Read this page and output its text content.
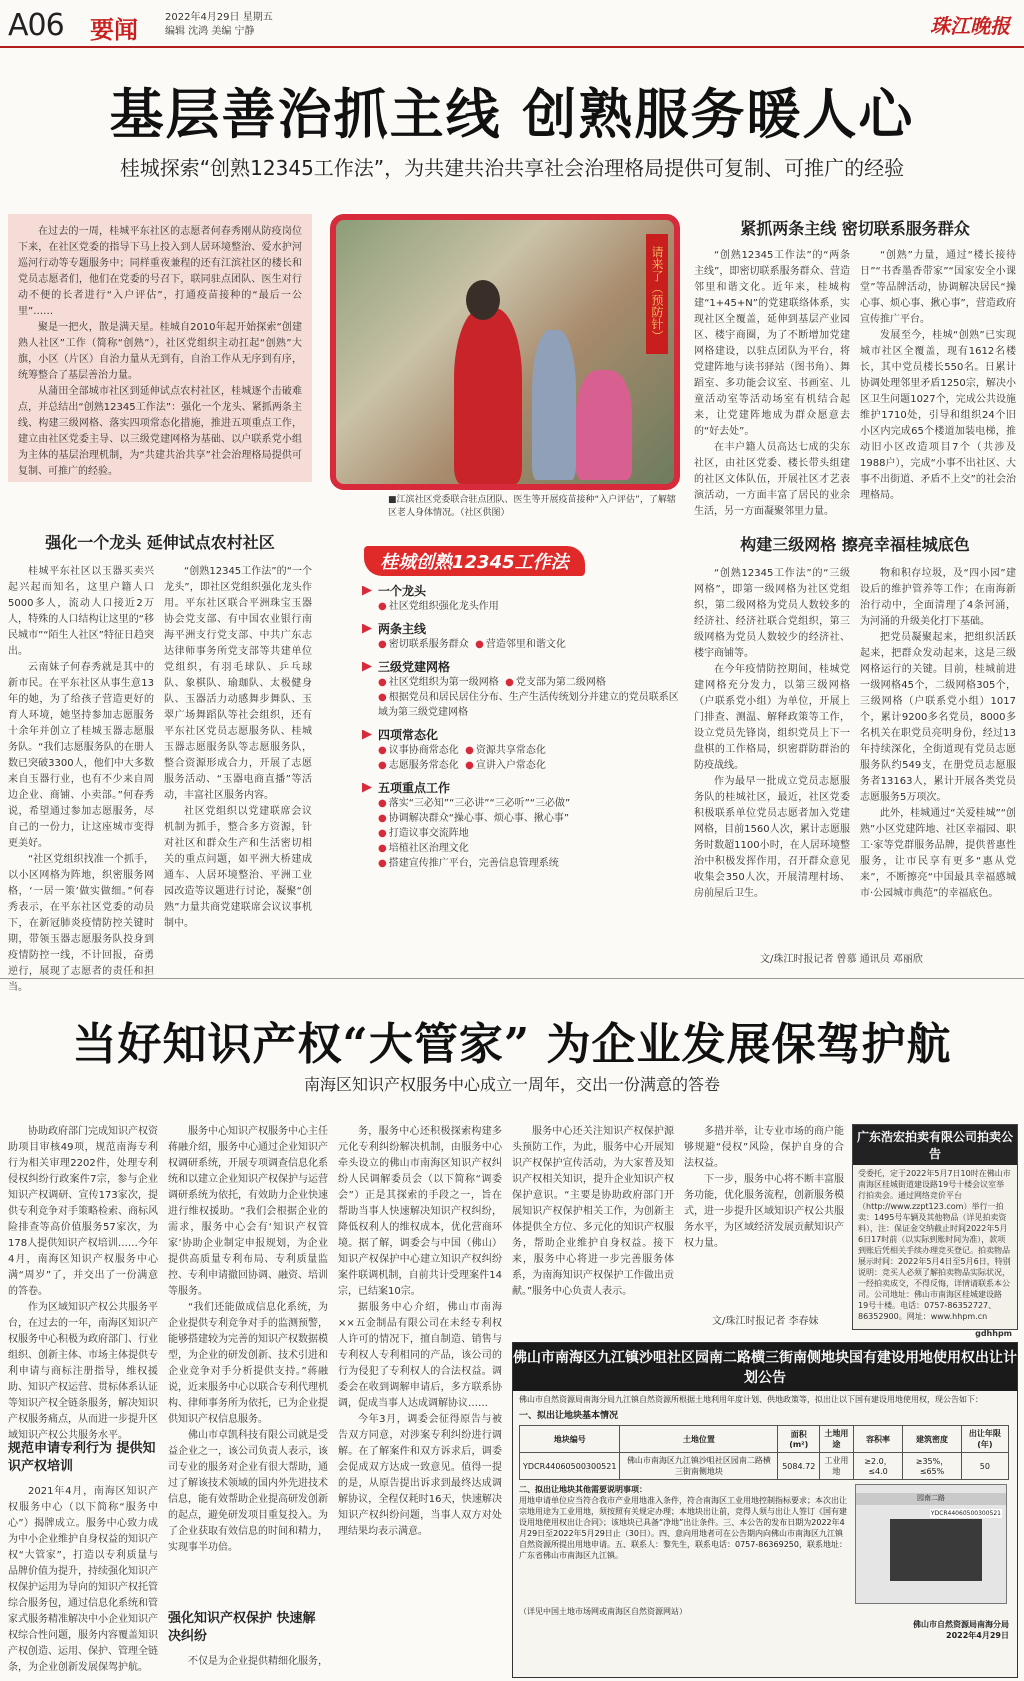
A06 要闻	2022年4月29日 星期五
编辑 沈鸿 美编 宁静	珠江晚报
基层善治抓主线 创熟服务暖人心
桂城探索“创熟12345工作法”，为共建共治共享社会治理格局提供可复制、可推广的经验

在过去的一周，桂城平东社区的志愿者何春秀刚从防疫岗位下来，在社区党委的指导下马上投入到人居环境整治、爱水护河巡河行动等专题服务中；同样重夜兼程的还有江滨社区的楼长和党员志愿者们，他们在党委的号召下，联同驻点团队、医生对行动不便的长者进行“入户评估”，打通疫苗接种的“最后一公里”……

聚是一把火，散是满天星。桂城自2010年起开始探索“创建熟人社区”工作（简称“创熟”），社区党组织主动扛起“创熟”大旗，小区（片区）自治力量从无到有，自治工作从无序到有序，统筹整合了基层善治力量。

从蒲田全部城市社区到延伸试点农村社区，桂城逐个击破难点，并总结出“创熟12345工作法”：强化一个龙头、紧抓两条主线、构建三级网格、落实四项常态化措施，推进五项重点工作，建立由社区党委主导、以三级党建网格为基础、以户联系党小组为主体的基层治理机制，为“共建共治共享”社会治理格局提供可复制、可推广的经验。

请来了（预防针）
■江滨社区党委联合驻点团队、医生等开展疫苗接种“入户评估”，了解辖区老人身体情况。（社区供图）
强化一个龙头 延伸试点农村社区

桂城平东社区以玉器买卖兴起兴起而知名，这里户籍人口5000多人，流动人口接近2万人，特殊的人口结构让这里的“移民城市”“陌生人社区”特征日趋突出。

云南妹子何春秀就是其中的新市民。在平东社区从事生意13年的她，为了给孩子营造更好的育人环境，她坚持参加志愿服务十余年并创立了桂城玉器志愿服务队。“我们志愿服务队的在册人数已突破3300人，他们中大多数来自玉器行业，也有不少来自周边企业、商铺、小卖部。”何春秀说，希望通过参加志愿服务，尽自己的一份力，让这座城市变得更美好。

“社区党组织找准一个抓手，以小区网格为阵地，织密服务网格，‘一居一策’做实做细。”何春秀表示，在平东社区党委的动员下，在新冠肺炎疫情防控关键时期，带领玉器志愿服务队投身到疫情防控一线，不计回报，奋勇逆行，展现了志愿者的责任和担当。

“创熟12345工作法”的“一个龙头”，即社区党组织强化龙头作用。平东社区联合平洲珠宝玉器协会党支部、有中国农业银行南海平洲支行党支部、中共广东志达律师事务所党支部等共建单位党组织，有羽毛球队、乒乓球队、象棋队、瑜珈队、太极健身队、玉器活力动感舞步舞队、玉翠广场舞蹈队等社会组织，还有平东社区党员志愿服务队、桂城玉器志愿服务队等志愿服务队，整合资源形成合力，开展了志愿服务活动、“玉器电商直播”等活动，丰富社区服务内容。

社区党组织以党建联席会议机制为抓手，整合多方资源，针对社区和群众生产和生活密切相关的重点问题，如平洲大桥建成通车、人居环境整治、平洲工业园改造等议题进行讨论，凝聚“创熟”力量共商党建联席会议议事机制中。

桂城创熟12345工作法
一个龙头
● 社区党组织强化龙头作用
两条主线
● 密切联系服务群众 ● 营造邻里和谐文化
三级党建网格
● 社区党组织为第一级网格 ● 党支部为第二级网格
● 根据党员和居民居住分布、生产生活传统划分并建立的党员联系区域为第三级党建网格
四项常态化
● 议事协商常态化 ● 资源共享常态化
● 志愿服务常态化 ● 宣讲入户常态化
五项重点工作
● 落实“三必知”“三必讲”“三必听”“三必做”
● 协调解决群众“操心事、烦心事、揪心事”
● 打造议事交流阵地
● 培植社区治理文化
● 搭建宣传推广平台，完善信息管理系统
紧抓两条主线 密切联系服务群众

“创熟12345工作法”的“两条主线”，即密切联系服务群众、营造邻里和谐文化。近年来，桂城构建“1+45+N”的党建联络体系，实现社区全覆盖，延伸到基层产业园区、楼宇商圈，为了不断增加党建网格建设，以驻点团队为平台，将党建阵地与读书驿站（图书角）、舞蹈室、多功能会议室、书画室、儿童活动室等活动场室有机结合起来，让党建阵地成为群众愿意去的“好去处”。

在丰户籍人员高达七成的尖东社区，由社区党委、楼长带头组建的社区文体队伍，开展社区才艺表演活动，一方面丰富了居民的业余生活，另一方面凝聚邻里力量。

“创熟”力量，通过“楼长接待日”“书香墨香带家”“国家安全小课堂”等品牌活动，协调解决居民“操心事、烦心事、揪心事”，营造政府宣传推广平台。

发展至今，桂城“创熟”已实现城市社区全覆盖，现有1612名楼长，其中党员楼长550名。日累计协调处理邻里矛盾1250宗，解决小区卫生问题1027个，完成公共设施维护1710处，引导和组织24个旧小区内完成65个楼道加装电梯，推动旧小区改造项目7个（共涉及1988户），完成“小事不出社区、大事不出街道、矛盾不上交”的社会治理格局。

构建三级网格 擦亮幸福桂城底色

“创熟12345工作法”的“三级网格”，即第一级网格为社区党组织，第二级网格为党员人数较多的经济社、经济社联合党组织，第三级网格为党员人数较少的经济社、楼宇商铺等。

在今年疫情防控期间，桂城党建网格充分发力，以第三级网格（户联系党小组）为单位，开展上门排查、测温、解释政策等工作，设立党员先锋岗，组织党员上下一盘棋的工作格局，织密群防群治的防疫战线。

作为最早一批成立党员志愿服务队的桂城社区，最近，社区党委积极联系单位党员志愿者加入党建网格，目前1560人次，累计志愿服务时数超1100小时，在人居环境整治中积极发挥作用，召开群众意见收集会350人次，开展清理村场、房前屋后卫生。

物和积存垃圾，及“四小园”建设后的维护管养等工作；在南海新治行动中，全面清理了4条河涌，为河涌的升级美化打下基础。

把党员凝聚起来，把组织活跃起来，把群众发动起来，这是三级网格运行的关键。目前，桂城前进一级网格45个，二级网格305个，三级网格（户联系党小组）1017个，累计9200多名党员，8000多名机关在职党员亮明身份，经过13年持续深化，全街道现有党员志愿服务队约549支，在册党员志愿服务者13163人，累计开展各类党员志愿服务5万项次。

此外，桂城通过“关爱桂城”“创熟”小区党建阵地、社区幸福园、职工·家等党群服务品牌，提供普惠性服务，让市民享有更多“惠从党来”，不断擦亮“中国最具幸福感城市·公园城市典范”的幸福底色。

文/珠江时报记者 曾慕 通讯员 邓丽欣
当好知识产权“大管家” 为企业发展保驾护航
南海区知识产权服务中心成立一周年，交出一份满意的答卷

协助政府部门完成知识产权资助项目审核49项，规范南海专利行为相关审理2202件，处理专利侵权纠纷行政案件7宗，参与企业知识产权调研、宣传173家次，提供专利竞争对手策略检索、商标风险排查等高价值服务57家次，为178人提供知识产权培训……今年4月，南海区知识产权服务中心满“周岁”了，并交出了一份满意的答卷。

作为区域知识产权公共服务平台，在过去的一年，南海区知识产权服务中心积极为政府部门、行业组织、创新主体、市场主体提供专利申请与商标注册指导，维权援助、知识产权运营、贯标体系认证等知识产权全链条服务，解决知识产权服务痛点，从而进一步提升区域知识产权公共服务水平。

规范申请专利行为 提供知识产权培训

2021年4月，南海区知识产权服务中心（以下简称“服务中心”）揭牌成立。服务中心致力成为中小企业维护自身权益的知识产权“大管家”，打造以专利质量与品牌价值为提升，持续强化知识产权保护运用为导向的知识产权托管综合服务包，通过信息化系统和管家式服务精准解决中小企业知识产权综合性问题，服务内容覆盖知识产权创造、运用、保护、管理全链条，为企业创新发展保驾护航。

服务中心知识产权服务中心主任蒋融介绍，服务中心通过企业知识产权调研系统，开展专项调查信息化系统和以建立企业知识产权保护与运营调研系统为依托，有效助力企业快速进行维权援助。“我们会根据企业的需求，服务中心会有‘知识产权管家’协助企业制定申报规划，为企业提供高质量专利布局、专利质量监控、专利申请撤回协调、融资、培训等服务。

“我们还能做成信息化系统，为企业提供专利竞争对手的监测预警，能够搭建较为完善的知识产权数据模型，为企业的研发创新、技术引进和企业竞争对手分析提供支持。”蒋融说，近来服务中心以联合专利代理机构、律师事务所为依托，已为企业提供知识产权信息服务。

佛山市卓凯科技有限公司就是受益企业之一，该公司负责人表示，该司专业的服务对企业有很大帮助，通过了解该技术领域的国内外先进技术信息，能有效帮助企业提高研发创新的起点，避免研发项目重复投入。为了企业获取有效信息的时间和精力，实现事半功倍。

强化知识产权保护 快速解决纠纷

不仅是为企业提供精细化服务，

务，服务中心还积极探索构建多元化专利纠纷解决机制，由服务中心牵头设立的佛山市南海区知识产权纠纷人民调解委员会（以下简称“调委会”）正是其探索的手段之一，旨在帮助当事人快速解决知识产权纠纷，降低权利人的维权成本，优化营商环境。据了解，调委会与中国（佛山）知识产权保护中心建立知识产权纠纷案件联调机制，自前共计受理案件14宗，已结案10宗。

据服务中心介绍，佛山市南海××五金制品有限公司在未经专利权人许可的情况下，擅自制造、销售与专利权人专利相同的产品，该公司的行为侵犯了专利权人的合法权益。调委会在收到调解申请后，多方联系协调，促成当事人达成调解协议……

今年3月，调委会征得原告与被告双方同意，对涉案专利纠纷进行调解。在了解案件和双方诉求后，调委会促成双方达成一致意见。值得一提的是，从原告提出诉求到最终达成调解协议，全程仅耗时16天，快速解决知识产权纠纷问题，当事人双方对处理结果均表示满意。

服务中心还关注知识产权保护源头预防工作，为此，服务中心开展知识产权保护宣传活动，为大家普及知识产权相关知识，提升企业知识产权保护意识。“主要是协助政府部门开展知识产权保护相关工作，为创新主体提供全方位、多元化的知识产权服务，帮助企业维护自身权益。接下来，服务中心将进一步完善服务体系，为南海知识产权保护工作做出贡献。”服务中心负责人表示。

多措并举，让专业市场的商户能够规避“侵权”风险，保护自身的合法权益。

下一步，服务中心将不断丰富服务功能，优化服务流程，创新服务模式，进一步提升区域知识产权公共服务水平，为区域经济发展贡献知识产权力量。

文/珠江时报记者 李春妹
广东浩宏拍卖有限公司拍卖公告
受委托，定于2022年5月7日10时在佛山市南海区桂城街道建设路19号十楼会议室举行拍卖会。通过网络竞价平台（http://www.zzpt123.com）举行一拍卖：1495号车辆及其他物品（详见拍卖资料），注：保证金交纳截止时间2022年5月6日17时前（以实际到账时间为准），款项到账后凭相关手续办理竞买登记。拍卖物品展示时间：2022年5月4日至5月6日，特别说明：竞买人必须了解拍卖物品实际状况，一经拍卖成交，不得反悔，详情请联系本公司。公司地址：佛山市南海区桂城建设路19号十楼。电话：0757-86352727、86352900。网址：www.hhpm.cn
gdhhpm
佛山市南海区九江镇沙咀社区园南二路横三街南侧地块国有建设用地使用权出让计划公告
佛山市自然资源局南海分局九江镇自然资源所根据土地利用年度计划、供地政策等，拟出让以下国有建设用地使用权，现公告如下：
一、拟出让地块基本情况
地块编号	土地位置	面积(m²)	土地用途	容积率	建筑密度	出让年限(年)
YDCR44060500300521	佛山市南海区九江镇沙咀社区园南二路横三街南侧地块	5084.72	工业用地	≥2.0，≤4.0	≥35%，≤65%	50
二、拟出让地块其他需要说明事项：
用地申请单位应当符合我市产业用地准入条件，符合南海区工业用地控制指标要求；本次出让宗地用途为工业用地，须按照有关规定办理；本地块出让前，竞得人须与出让人签订《国有建设用地使用权出让合同》；该地块已具备“净地”出让条件。三、本公告的发布日期为2022年4月29日至2022年5月29日止（30日）。四、意向用地者可在公告期内向佛山市南海区九江镇自然资源所提出用地申请。五、联系人：黎先生，联系电话：0757-86369250，联系地址：广东省佛山市南海区九江镇。
园南二路
YDCR44060500300521
（详见中国土地市场网或南海区自然资源网站）
佛山市自然资源局南海分局
2022年4月29日
